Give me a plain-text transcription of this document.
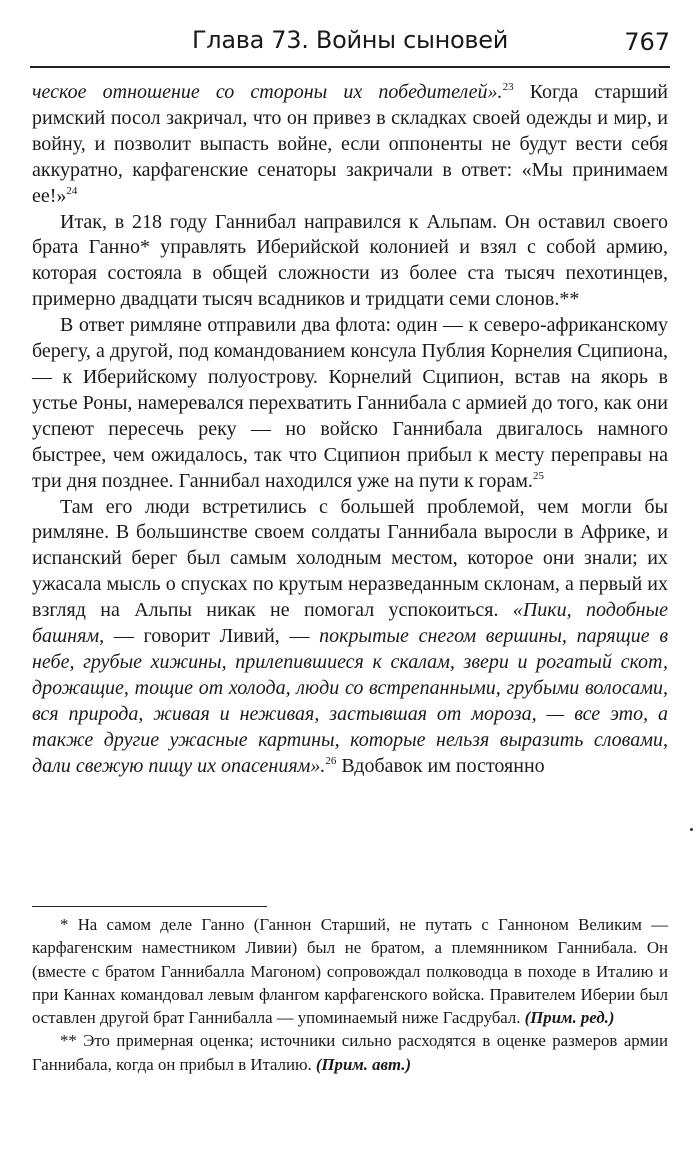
Глава 73. Войны сыновей	767

ческое отношение со стороны их победителей».$^{23}$ Когда старший римский посол закричал, что он привез в складках своей одежды и мир, и войну, и позволит выпасть войне, если оппоненты не будут вести себя аккуратно, карфагенские сенаторы закричали в ответ: «Мы принимаем ее!»$^{24}$

Итак, в 218 году Ганнибал направился к Альпам. Он оставил своего брата Ганно* управлять Иберийской колонией и взял с собой армию, которая состояла в общей сложности из более ста тысяч пехотинцев, примерно двадцати тысяч всадников и тридцати семи слонов.**

В ответ римляне отправили два флота: один — к северо-африканскому берегу, а другой, под командованием консула Публия Корнелия Сципиона, — к Иберийскому полуострову. Корнелий Сципион, встав на якорь в устье Роны, намеревался перехватить Ганнибала с армией до того, как они успеют пересечь реку — но войско Ганнибала двигалось намного быстрее, чем ожидалось, так что Сципион прибыл к месту переправы на три дня позднее. Ганнибал находился уже на пути к горам.$^{25}$

Там его люди встретились с большей проблемой, чем могли бы римляне. В большинстве своем солдаты Ганнибала выросли в Африке, и испанский берег был самым холодным местом, которое они знали; их ужасала мысль о спусках по крутым неразведанным склонам, а первый их взгляд на Альпы никак не помогал успокоиться. «Пики, подобные башням, — говорит Ливий, — покрытые снегом вершины, парящие в небе, грубые хижины, прилепившиеся к скалам, звери и рогатый скот, дрожащие, тощие от холода, люди со встрепанными, грубыми волосами, вся природа, живая и неживая, застывшая от мороза, — все это, а также другие ужасные картины, которые нельзя выразить словами, дали свежую пищу их опасениям».$^{26}$ Вдобавок им постоянно

* На самом деле Ганно (Ганнон Старший, не путать с Ганноном Великим — карфагенским наместником Ливии) был не братом, а племянником Ганнибала. Он (вместе с братом Ганнибалла Магоном) сопровождал полководца в походе в Италию и при Каннах командовал левым флангом карфагенского войска. Правителем Иберии был оставлен другой брат Ганнибалла — упоминаемый ниже Гасдрубал. (Прим. ред.)

** Это примерная оценка; источники сильно расходятся в оценке размеров армии Ганнибала, когда он прибыл в Италию. (Прим. авт.)
